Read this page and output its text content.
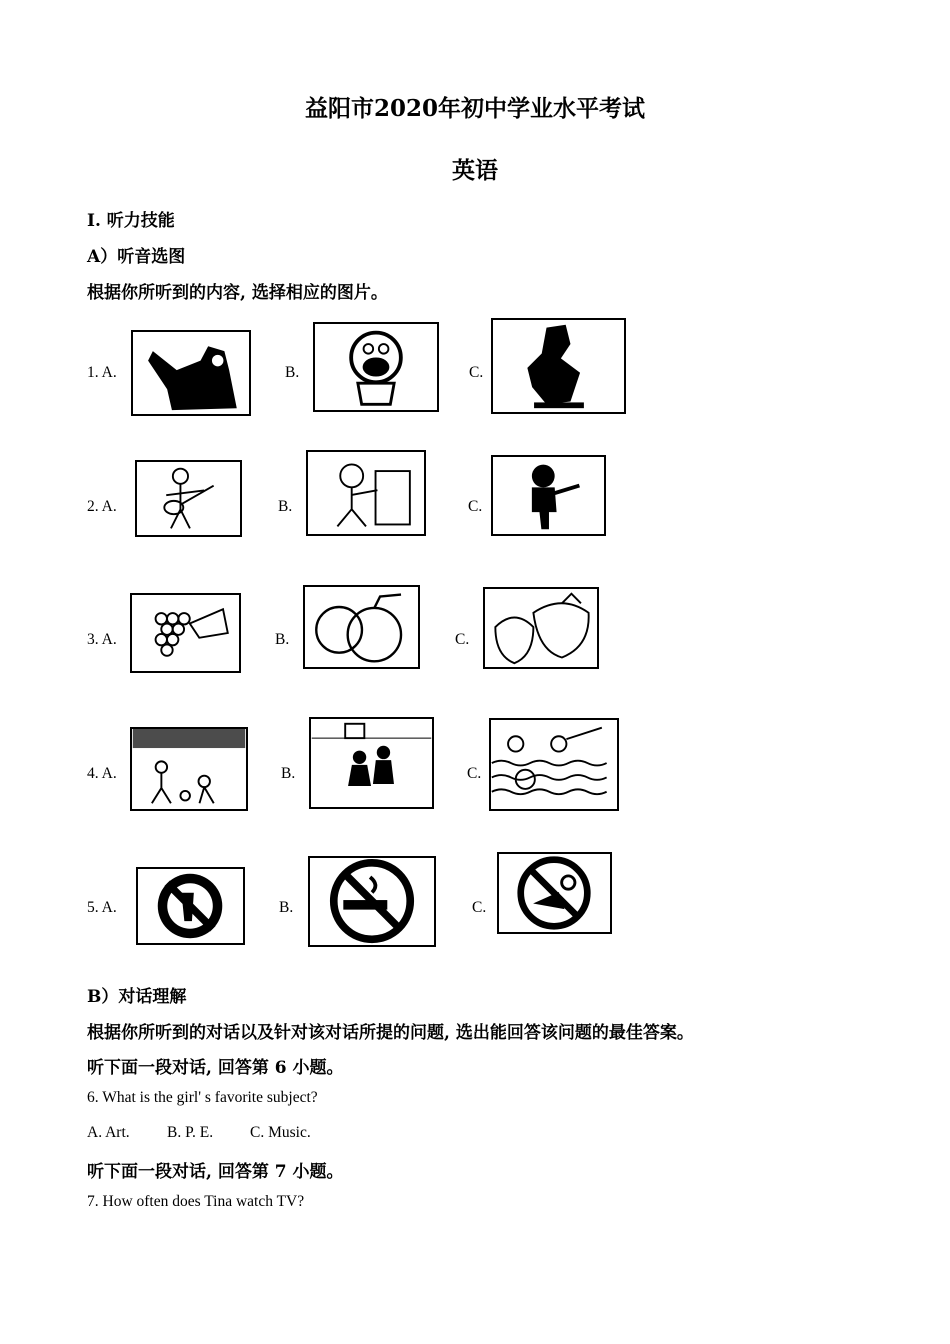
益阳市2020年初中学业水平考试
英语
Ⅰ. 听力技能
A）听音选图
根据你所听到的内容, 选择相应的图片。
1. A.	B.	C.
2. A.	B.	C.
3. A.	B.	C.
4. A.	B.	C.
5. A.	B.	C.
B）对话理解
根据你所听到的对话以及针对该对话所提的问题, 选出能回答该问题的最佳答案。
听下面一段对话, 回答第 6 小题。
6. What is the girl' s favorite subject?
A. Art. B. P. E. C. Music.
听下面一段对话, 回答第 7 小题。
7. How often does Tina watch TV?
